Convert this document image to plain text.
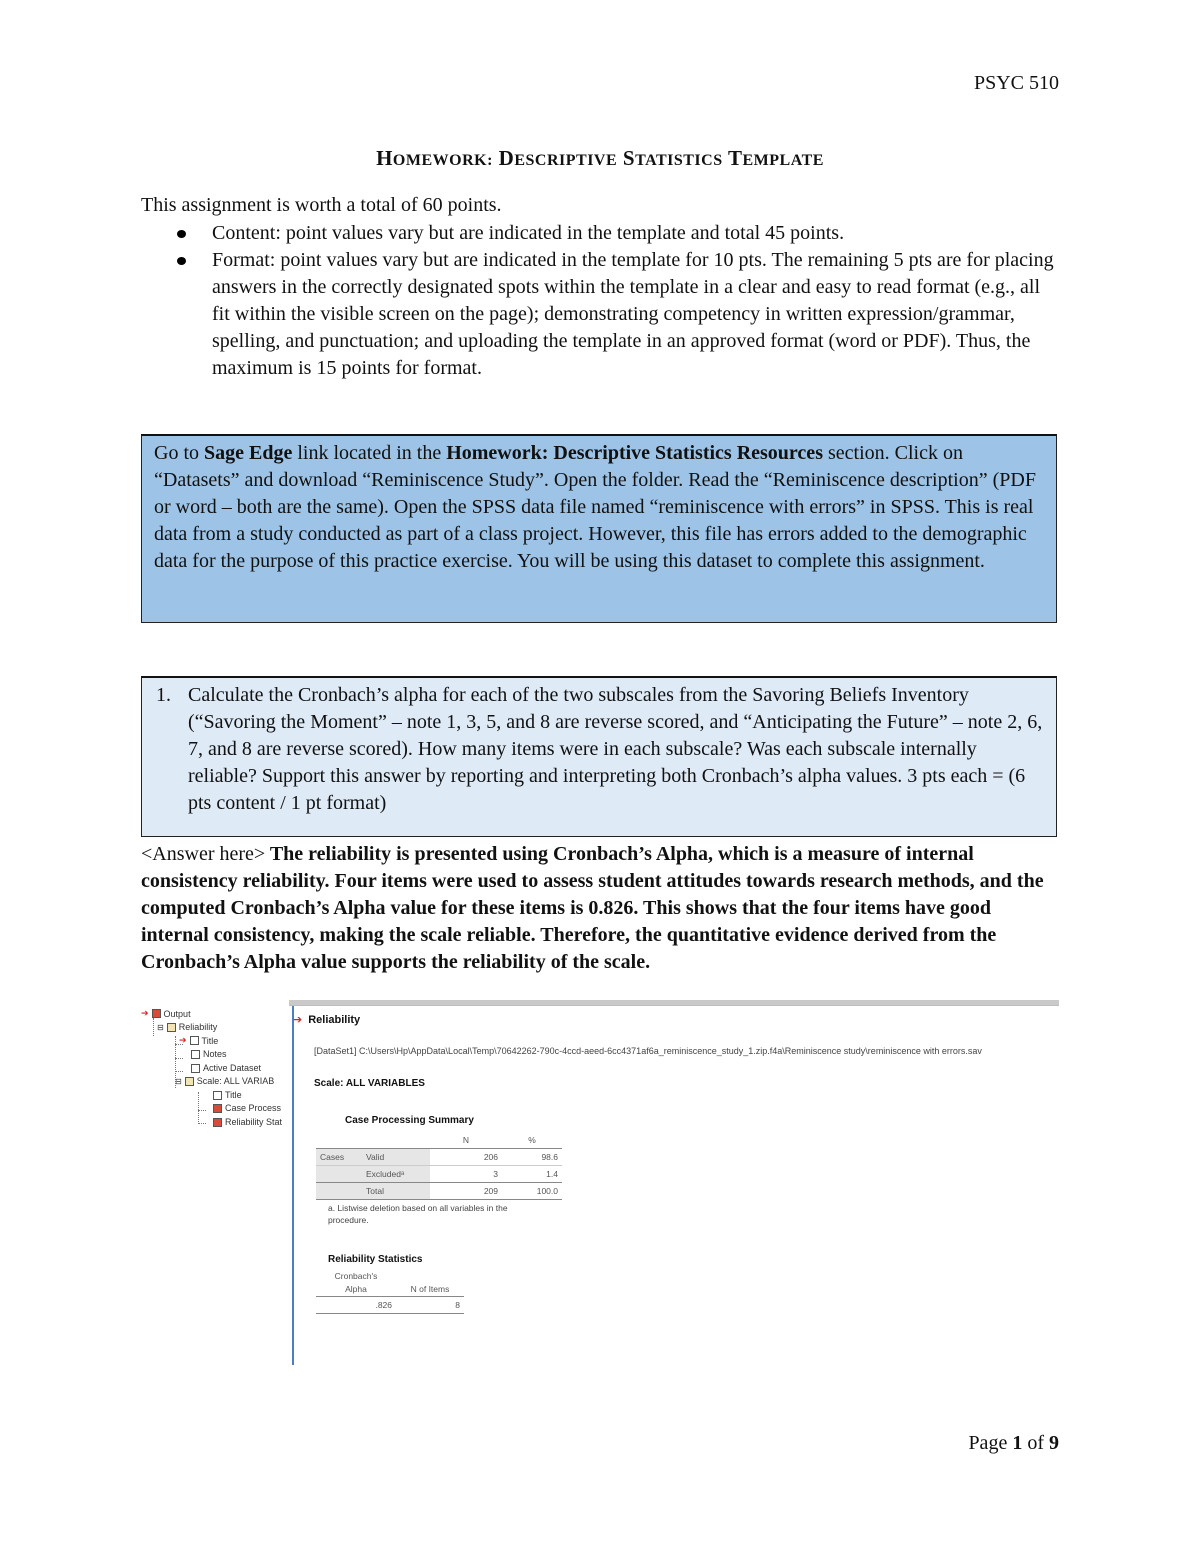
PSYC 510
HOMEWORK: DESCRIPTIVE STATISTICS TEMPLATE
This assignment is worth a total of 60 points.
Content: point values vary but are indicated in the template and total 45 points.
Format: point values vary but are indicated in the template for 10 pts. The remaining 5 pts are for placing answers in the correctly designated spots within the template in a clear and easy to read format (e.g., all fit within the visible screen on the page); demonstrating competency in written expression/grammar, spelling, and punctuation; and uploading the template in an approved format (word or PDF). Thus, the maximum is 15 points for format.
Go to Sage Edge link located in the Homework: Descriptive Statistics Resources section. Click on “Datasets” and download “Reminiscence Study”. Open the folder. Read the “Reminiscence description” (PDF or word – both are the same). Open the SPSS data file named “reminiscence with errors” in SPSS. This is real data from a study conducted as part of a class project. However, this file has errors added to the demographic data for the purpose of this practice exercise. You will be using this dataset to complete this assignment.
1. Calculate the Cronbach’s alpha for each of the two subscales from the Savoring Beliefs Inventory (“Savoring the Moment” – note 1, 3, 5, and 8 are reverse scored, and “Anticipating the Future” – note 2, 6, 7, and 8 are reverse scored). How many items were in each subscale? Was each subscale internally reliable? Support this answer by reporting and interpreting both Cronbach’s alpha values. 3 pts each = (6 pts content / 1 pt format)
<Answer here> The reliability is presented using Cronbach’s Alpha, which is a measure of internal consistency reliability. Four items were used to assess student attitudes towards research methods, and the computed Cronbach’s Alpha value for these items is 0.826. This shows that the four items have good internal consistency, making the scale reliable. Therefore, the quantitative evidence derived from the Cronbach’s Alpha value supports the reliability of the scale.
➔ Output
⊟ Reliability
➔ Title
Notes
Active Dataset
⊟ Scale: ALL VARIAB
Title
Case Process
Reliability Stat
➔ Reliability
[DataSet1] C:\Users\Hp\AppData\Local\Temp\70642262-790c-4ccd-aeed-6cc4371af6a_reminiscence_study_1.zip.f4a\Reminiscence study\reminiscence with errors.sav
Scale: ALL VARIABLES
Case Processing Summary
		N	%
Cases	Valid	206	98.6
	Excludedᵃ	3	1.4
	Total	209	100.0
a. Listwise deletion based on all variables in the procedure.
Reliability Statistics
Cronbach's	
Alpha	N of Items
.826	8
Page 1 of 9
